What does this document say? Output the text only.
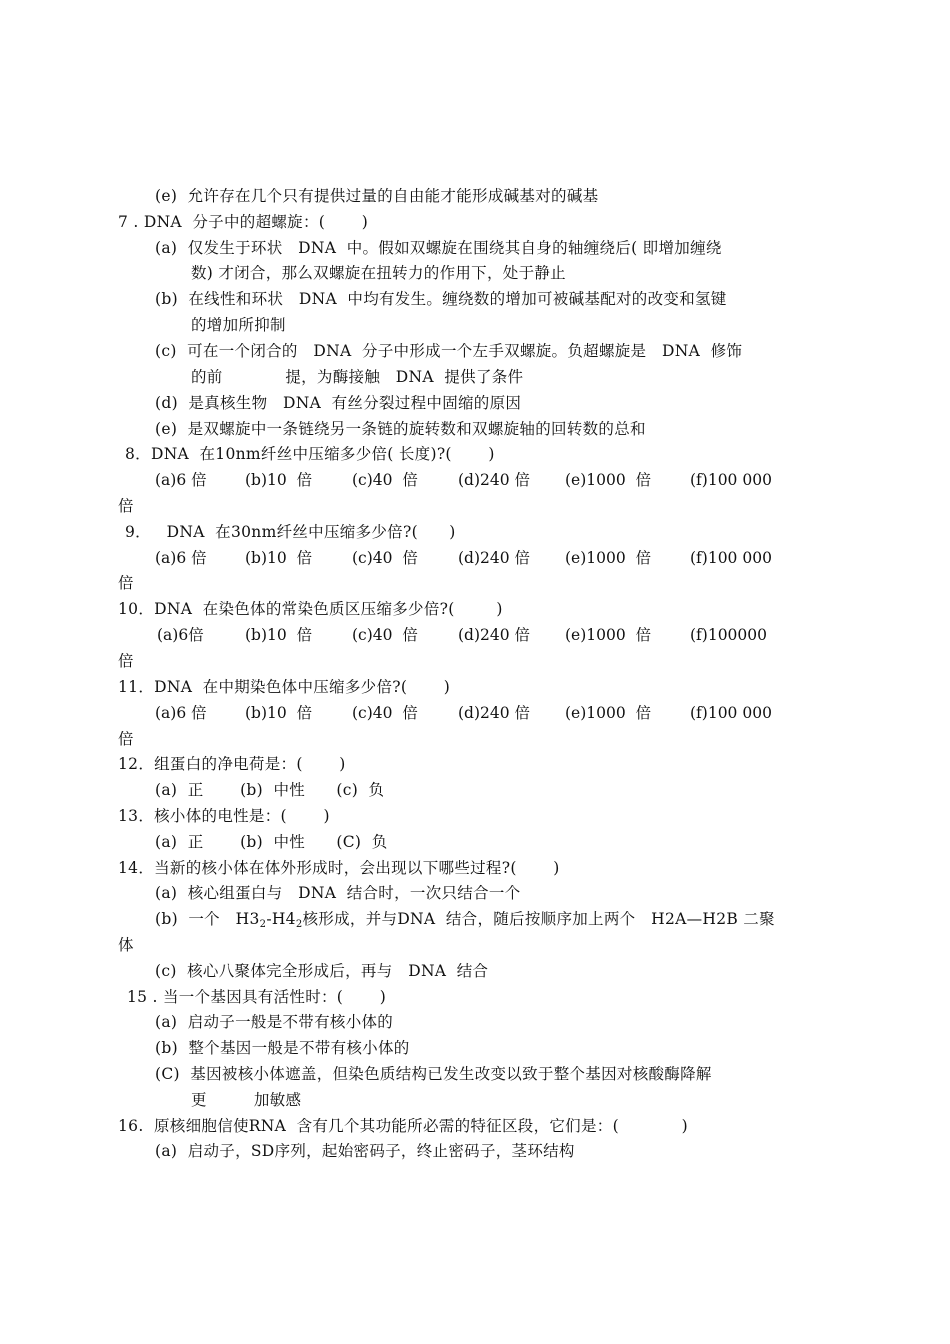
(e)  允许存在几个只有提供过量的自由能才能形成碱基对的碱基
7 . DNA  分子中的超螺旋：(       )
(a)  仅发生于环状   DNA  中。假如双螺旋在围绕其自身的轴缠绕后( 即增加缠绕
数) 才闭合，那么双螺旋在扭转力的作用下，处于静止
(b)  在线性和环状   DNA  中均有发生。缠绕数的增加可被碱基配对的改变和氢键
的增加所抑制
(c)  可在一个闭合的   DNA  分子中形成一个左手双螺旋。负超螺旋是   DNA  修饰
的前            提，为酶接触   DNA  提供了条件
(d)  是真核生物   DNA  有丝分裂过程中固缩的原因
(e)  是双螺旋中一条链绕另一条链的旋转数和双螺旋轴的回转数的总和
8．DNA  在10nm纤丝中压缩多少倍( 长度)?(       )
(a)6 倍 (b)10  倍	(c)40  倍	(d)240 倍 (e)1000  倍	(f)100 000
倍
9．   DNA  在30nm纤丝中压缩多少倍?(      )
(a)6 倍 (b)10  倍	(c)40  倍	(d)240 倍 (e)1000  倍	(f)100 000
倍
10．DNA  在染色体的常染色质区压缩多少倍?(        )
(a)6倍	(b)10  倍	(c)40  倍	(d)240 倍 (e)1000  倍	(f)100000
倍
11．DNA  在中期染色体中压缩多少倍?(       )
(a)6 倍 (b)10  倍	(c)40  倍	(d)240 倍 (e)1000  倍	(f)100 000
倍
12．组蛋白的净电荷是：(       )
(a)  正       (b)  中性      (c)  负
13．核小体的电性是：(       )
(a)  正       (b)  中性      (C)  负
14．当新的核小体在体外形成时，会出现以下哪些过程?(       )
(a)  核心组蛋白与   DNA  结合时，一次只结合一个
(b)  一个   $H3_2-H4_2$核形成，并与DNA  结合，随后按顺序加上两个   H2A—H2B 二聚
体
(c)  核心八聚体完全形成后，再与   DNA  结合
15 . 当一个基因具有活性时：(       )
(a)  启动子一般是不带有核小体的
(b)  整个基因一般是不带有核小体的
(C)  基因被核小体遮盖，但染色质结构已发生改变以致于整个基因对核酸酶降解
更         加敏感
16.  原核细胞信使RNA  含有几个其功能所必需的特征区段，它们是：(            )
(a)  启动子，SD序列，起始密码子，终止密码子，茎环结构
